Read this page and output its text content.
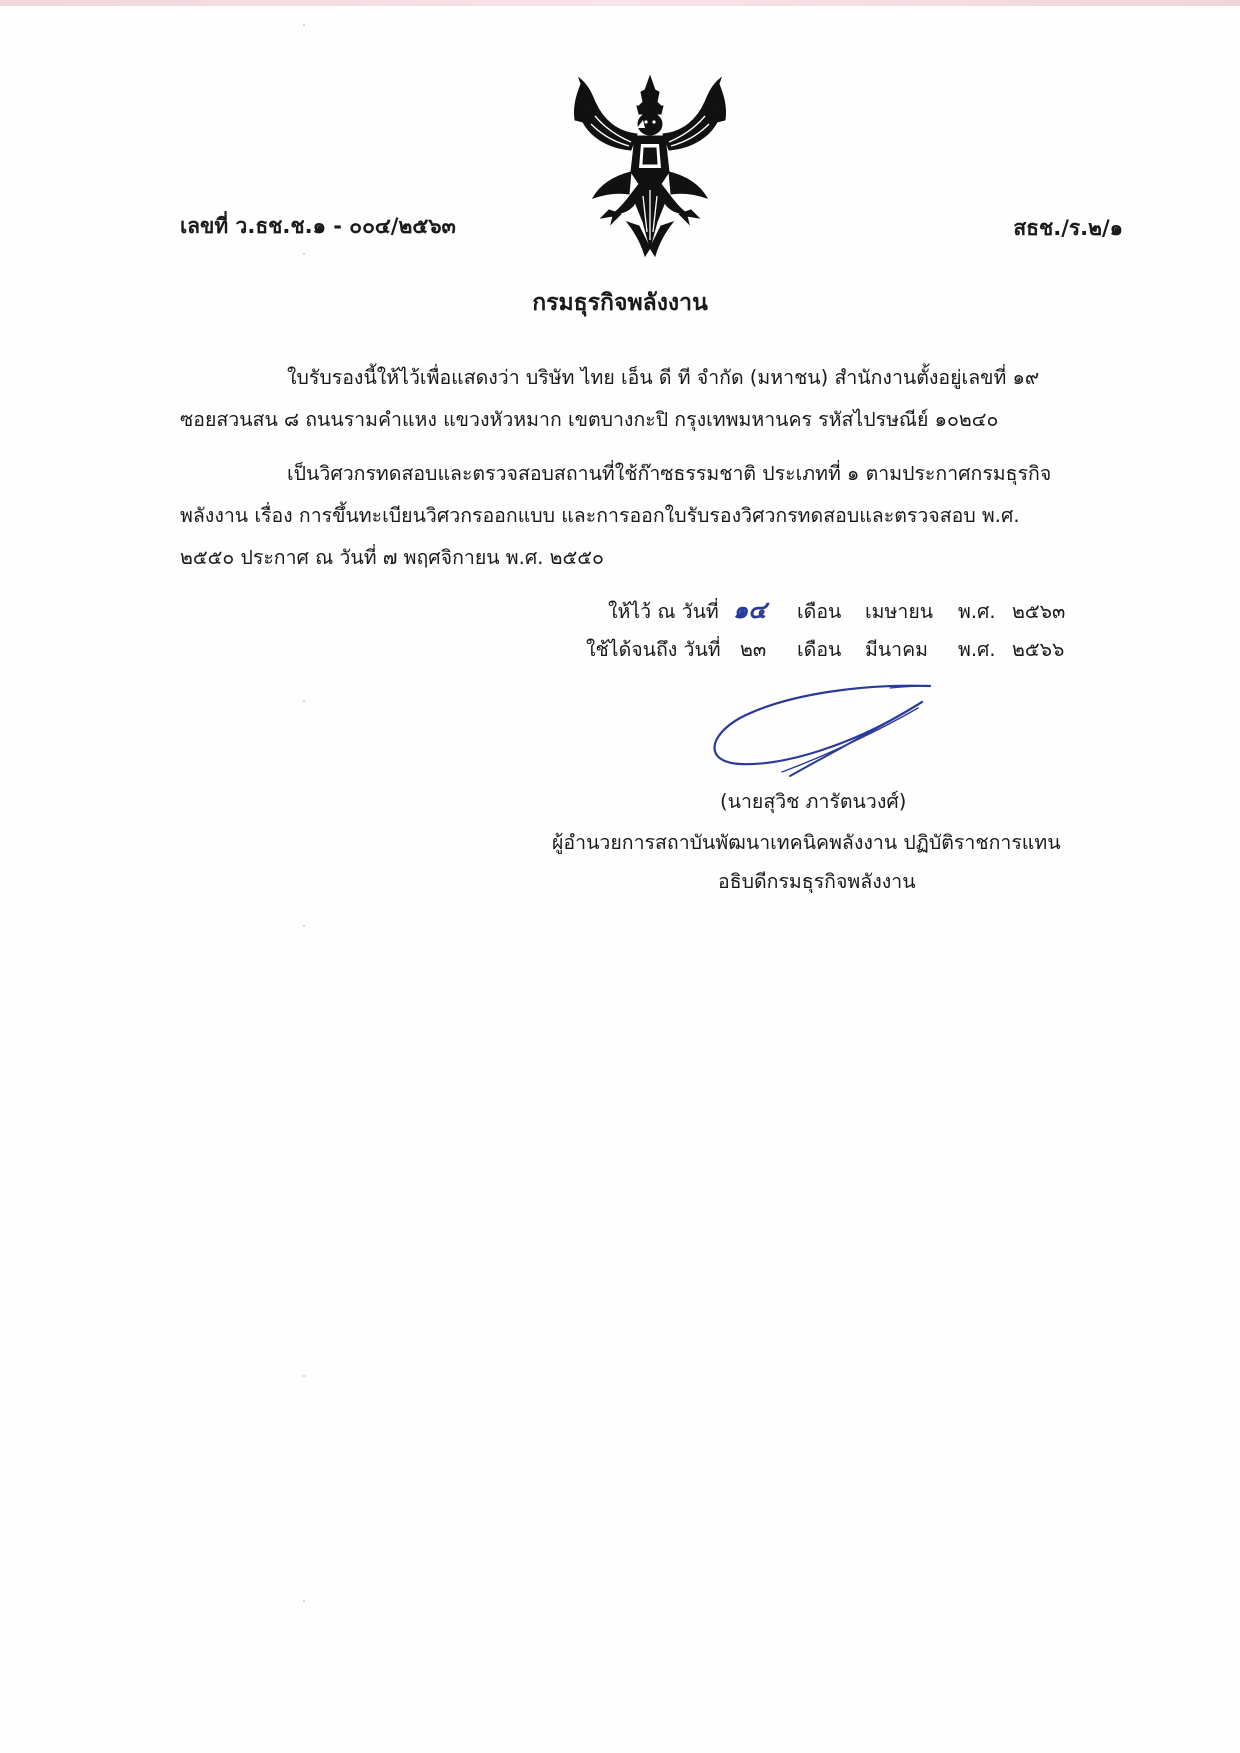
เลขที่ ว.ธช.ช.๑ - ๐๐๔/๒๕๖๓	สธช./ร.๒/๑
กรมธุรกิจพลังงาน
ใบรับรองนี้ให้ไว้เพื่อแสดงว่า บริษัท ไทย เอ็น ดี ที จำกัด (มหาชน) สำนักงานตั้งอยู่เลขที่ ๑๙
ซอยสวนสน ๘ ถนนรามคำแหง แขวงหัวหมาก เขตบางกะปิ กรุงเทพมหานคร รหัสไปรษณีย์ ๑๐๒๔๐
เป็นวิศวกรทดสอบและตรวจสอบสถานที่ใช้ก๊าซธรรมชาติ ประเภทที่ ๑ ตามประกาศกรมธุรกิจ
พลังงาน เรื่อง การขึ้นทะเบียนวิศวกรออกแบบ และการออกใบรับรองวิศวกรทดสอบและตรวจสอบ พ.ศ.
๒๕๕๐ ประกาศ ณ วันที่ ๗ พฤศจิกายน พ.ศ. ๒๕๕๐
ให้ไว้ ณ วันที่ ๑๔ เดือน เมษายน พ.ศ. ๒๕๖๓
ใช้ได้จนถึง วันที่ ๒๓ เดือน มีนาคม พ.ศ. ๒๕๖๖
(นายสุวิช ภารัตนวงศ์)
ผู้อำนวยการสถาบันพัฒนาเทคนิคพลังงาน ปฏิบัติราชการแทน
อธิบดีกรมธุรกิจพลังงาน
